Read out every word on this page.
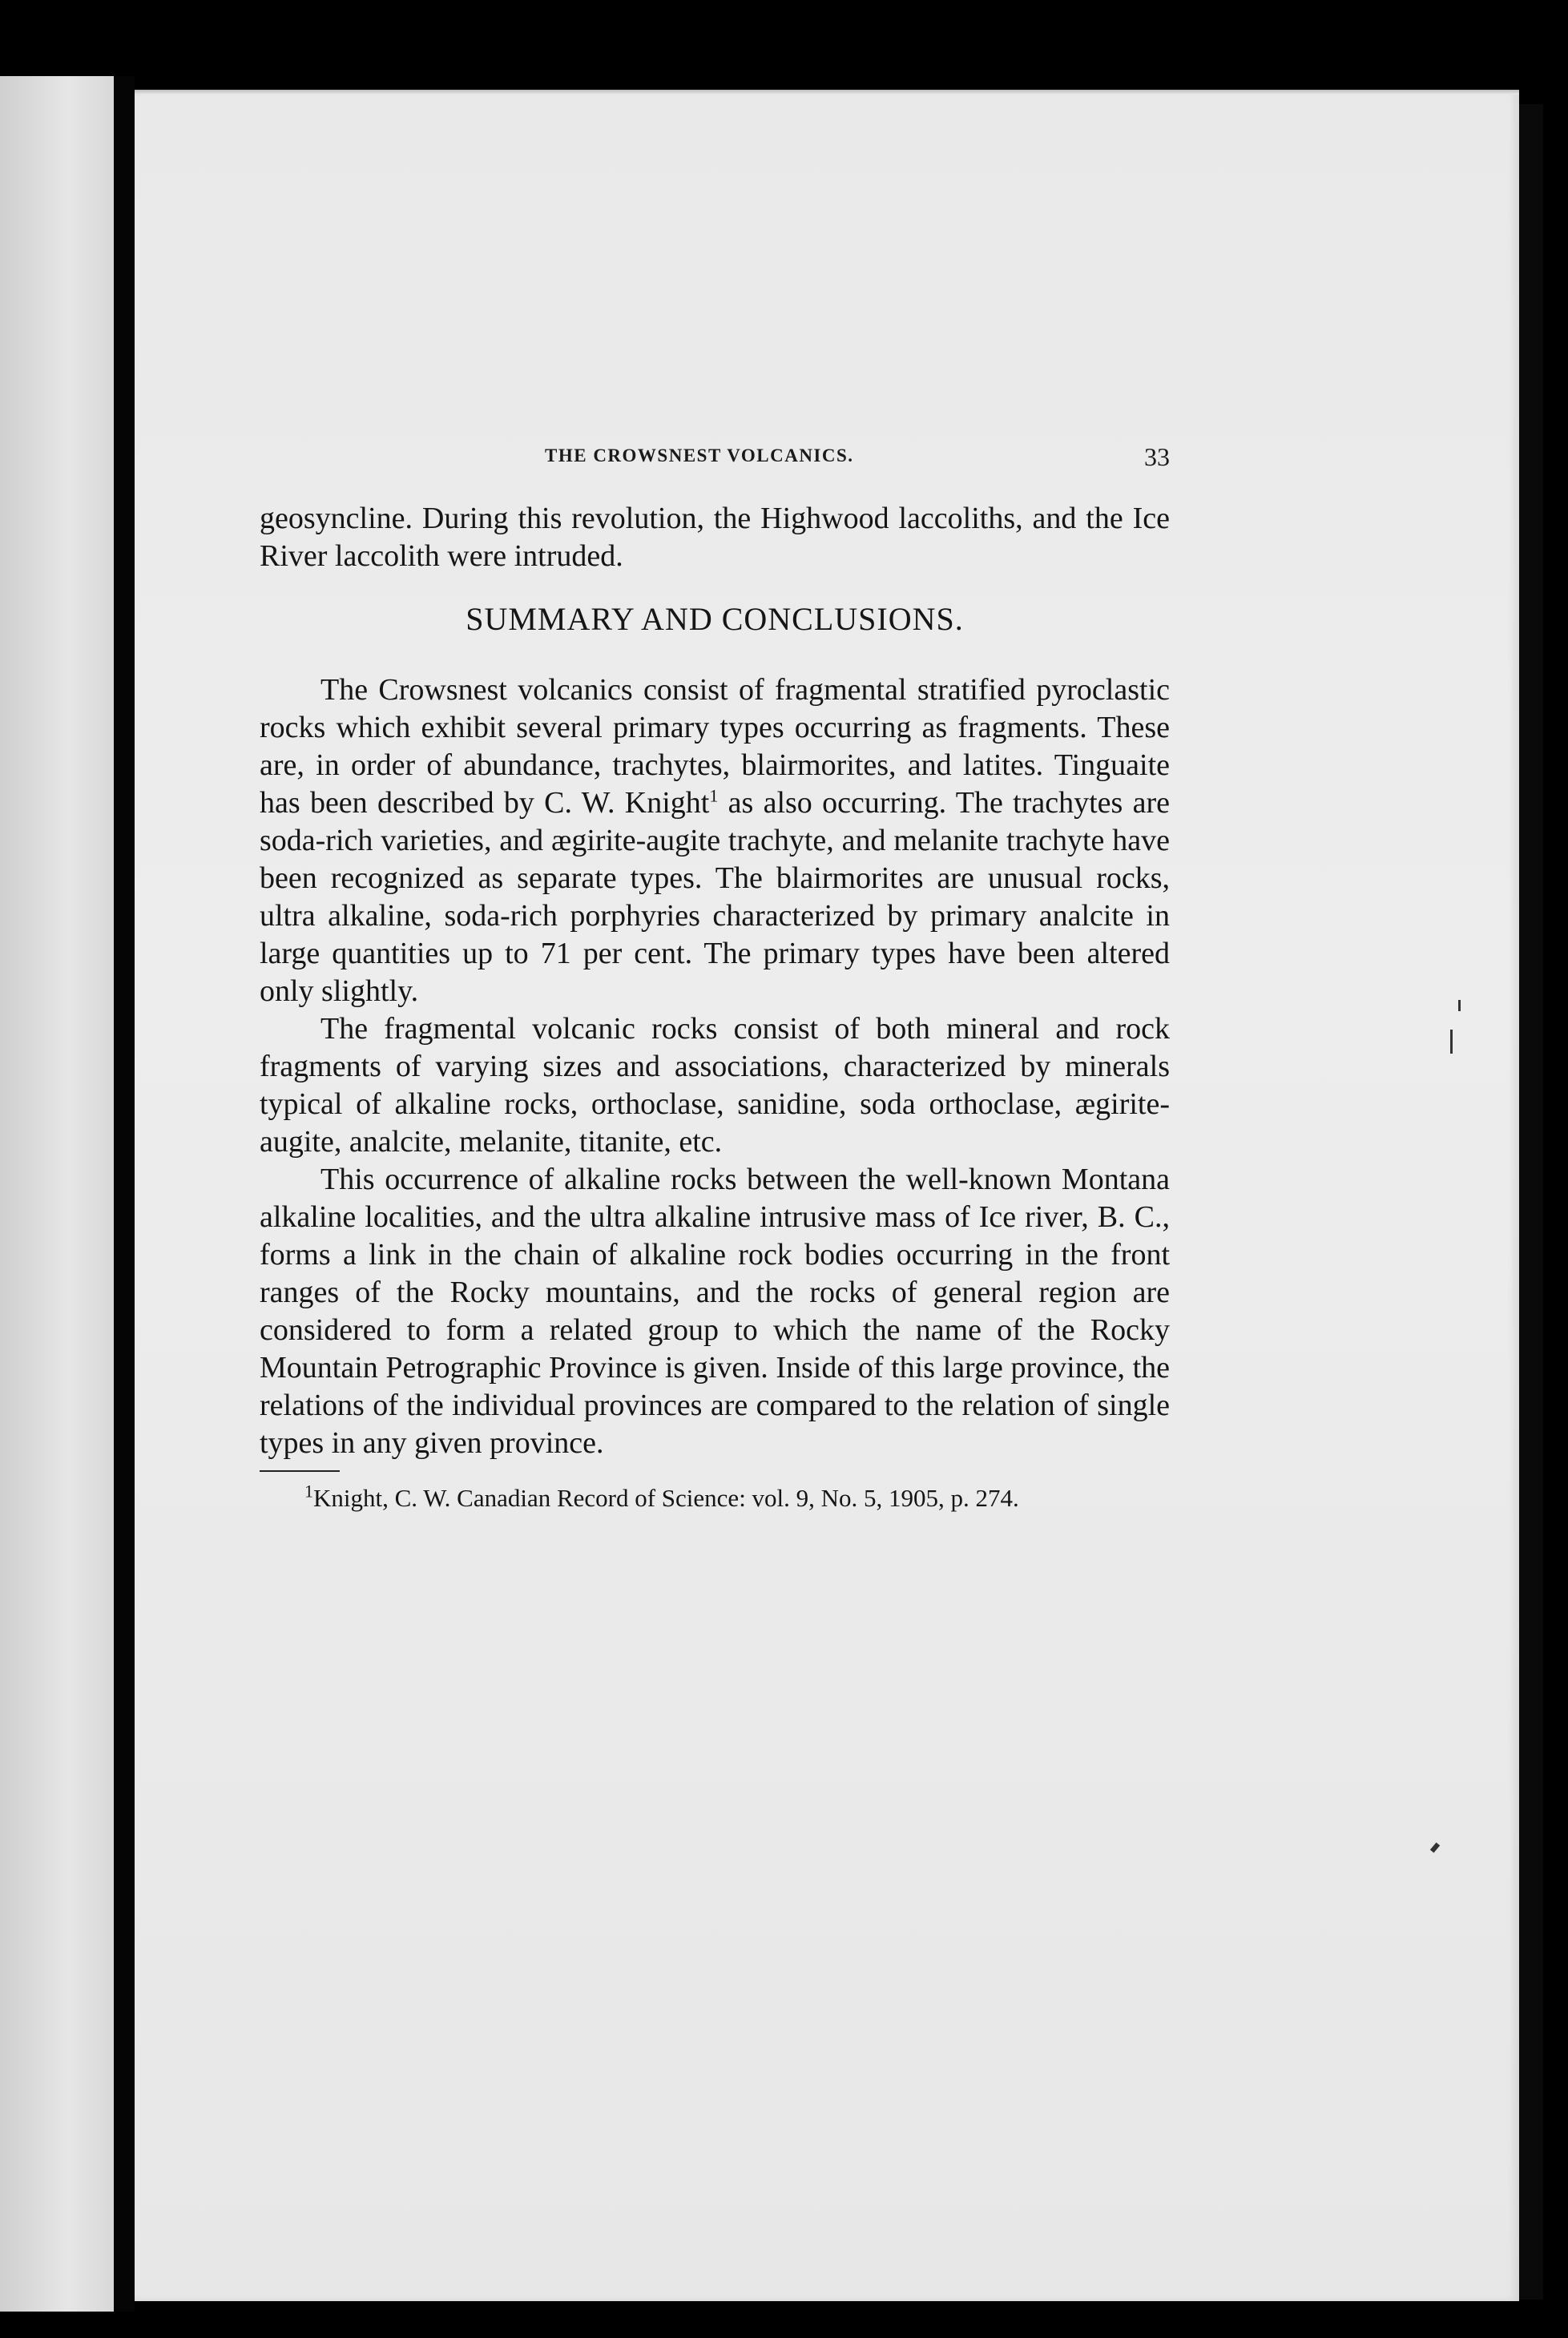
THE CROWSNEST VOLCANICS.	33

geosyncline. During this revolution, the Highwood laccoliths, and the Ice River laccolith were intruded.

SUMMARY AND CONCLUSIONS.

The Crowsnest volcanics consist of fragmental stratified pyroclastic rocks which exhibit several primary types occurring as fragments. These are, in order of abundance, trachytes, blairmorites, and latites. Tinguaite has been described by C. W. Knight$^1$ as also occurring. The trachytes are soda-rich varieties, and ægirite-augite trachyte, and melanite trachyte have been recognized as separate types. The blairmorites are unusual rocks, ultra alkaline, soda-rich porphyries characterized by primary analcite in large quantities up to 71 per cent. The primary types have been altered only slightly.

The fragmental volcanic rocks consist of both mineral and rock fragments of varying sizes and associations, characterized by minerals typical of alkaline rocks, orthoclase, sanidine, soda orthoclase, ægirite-augite, analcite, melanite, titanite, etc.

This occurrence of alkaline rocks between the well-known Montana alkaline localities, and the ultra alkaline intrusive mass of Ice river, B. C., forms a link in the chain of alkaline rock bodies occurring in the front ranges of the Rocky mountains, and the rocks of general region are considered to form a related group to which the name of the Rocky Mountain Petrographic Province is given. Inside of this large province, the relations of the individual provinces are compared to the relation of single types in any given province.

$^1$Knight, C. W. Canadian Record of Science: vol. 9, No. 5, 1905, p. 274.
